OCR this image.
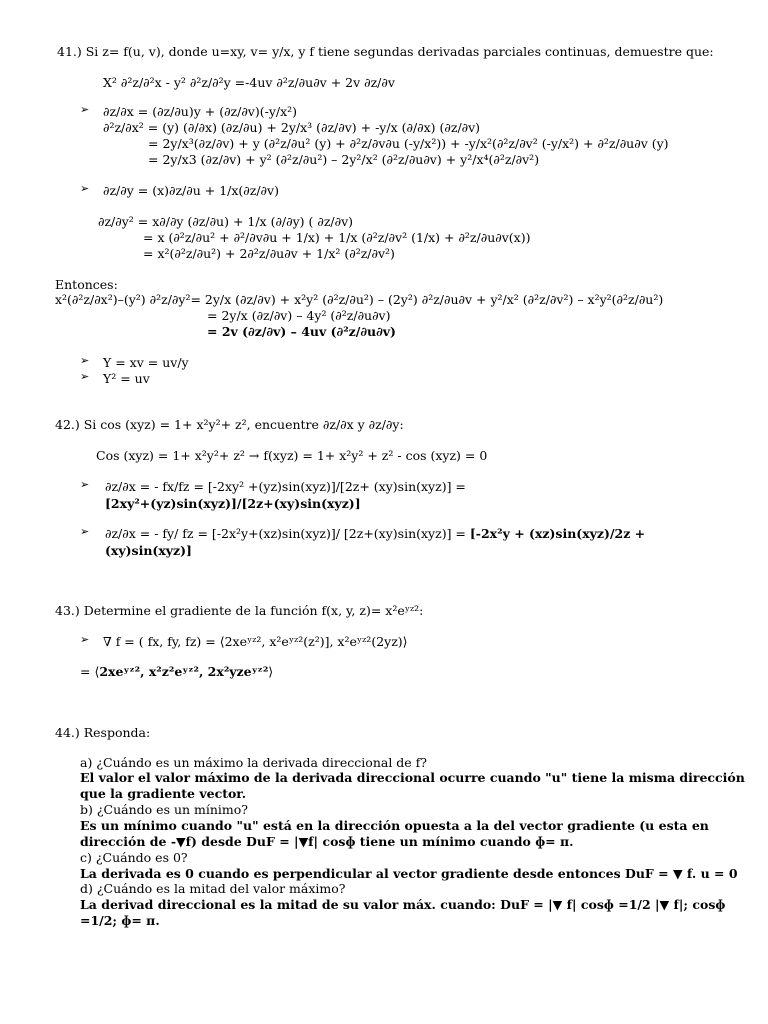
41.) Si z= f(u, v), donde u=xy, v= y/x, y f tiene segundas derivadas parciales continuas, demuestre que:
X² ∂²z/∂²x - y² ∂²z/∂²y =-4uv ∂²z/∂u∂v + 2v ∂z/∂v
➢ ∂z/∂x = (∂z/∂u)y + (∂z/∂v)(-y/x²)
∂²z/∂x² = (y) (∂/∂x) (∂z/∂u) + 2y/x³ (∂z/∂v) + -y/x (∂/∂x) (∂z/∂v)
= 2y/x³(∂z/∂v) + y (∂²z/∂u² (y) + ∂²z/∂v∂u (-y/x²)) + -y/x²(∂²z/∂v² (-y/x²) + ∂²z/∂u∂v (y)
= 2y/x3 (∂z/∂v) + y² (∂²z/∂u²) – 2y²/x² (∂²z/∂u∂v) + y²/x⁴(∂²z/∂v²)
➢ ∂z/∂y = (x)∂z/∂u + 1/x(∂z/∂v)
∂z/∂y² = x∂/∂y (∂z/∂u) + 1/x (∂/∂y) ( ∂z/∂v)
= x (∂²z/∂u² + ∂²/∂v∂u + 1/x) + 1/x (∂²z/∂v² (1/x) + ∂²z/∂u∂v(x))
= x²(∂²z/∂u²) + 2∂²z/∂u∂v + 1/x² (∂²z/∂v²)
Entonces:
x²(∂²z/∂x²)–(y²) ∂²z/∂y²= 2y/x (∂z/∂v) + x²y² (∂²z/∂u²) – (2y²) ∂²z/∂u∂v + y²/x² (∂²z/∂v²) – x²y²(∂²z/∂u²)
= 2y/x (∂z/∂v) – 4y² (∂²z/∂u∂v)
= 2v (∂z/∂v) – 4uv (∂²z/∂u∂v)
➢ Y = xv = uv/y
➢ Y² = uv
42.) Si cos (xyz) = 1+ x²y²+ z², encuentre ∂z/∂x y ∂z/∂y:
Cos (xyz) = 1+ x²y²+ z² → f(xyz) = 1+ x²y² + z² - cos (xyz) = 0
➢ ∂z/∂x = - fx/fz = [-2xy² +(yz)sin(xyz)]/[2z+ (xy)sin(xyz)] =
[2xy²+(yz)sin(xyz)]/[2z+(xy)sin(xyz)]
➢ ∂z/∂x = - fy/ fz = [-2x²y+(xz)sin(xyz)]/ [2z+(xy)sin(xyz)] = [-2x²y + (xz)sin(xyz)/2z +
(xy)sin(xyz)]
43.) Determine el gradiente de la función f(x, y, z)= x²eʸᶻ²:
➢ ∇ f = ( fx, fy, fz) = ⟨2xeʸᶻ², x²eʸᶻ²(z²)], x²eʸᶻ²(2yz)⟩
= ⟨2xeʸᶻ², x²z²eʸᶻ², 2x²yzeʸᶻ²⟩
44.) Responda:
a) ¿Cuándo es un máximo la derivada direccional de f?
El valor el valor máximo de la derivada direccional ocurre cuando "u" tiene la misma dirección
que la gradiente vector.
b) ¿Cuándo es un mínimo?
Es un mínimo cuando "u" está en la dirección opuesta a la del vector gradiente (u esta en
dirección de -▼f) desde DuF = |▼f| cosɸ tiene un mínimo cuando ɸ= π.
c) ¿Cuándo es 0?
La derivada es 0 cuando es perpendicular al vector gradiente desde entonces DuF = ▼ f. u = 0
d) ¿Cuándo es la mitad del valor máximo?
La derivad direccional es la mitad de su valor máx. cuando: DuF = |▼ f| cosɸ =1/2 |▼ f|; cosɸ
=1/2; ɸ= π.
